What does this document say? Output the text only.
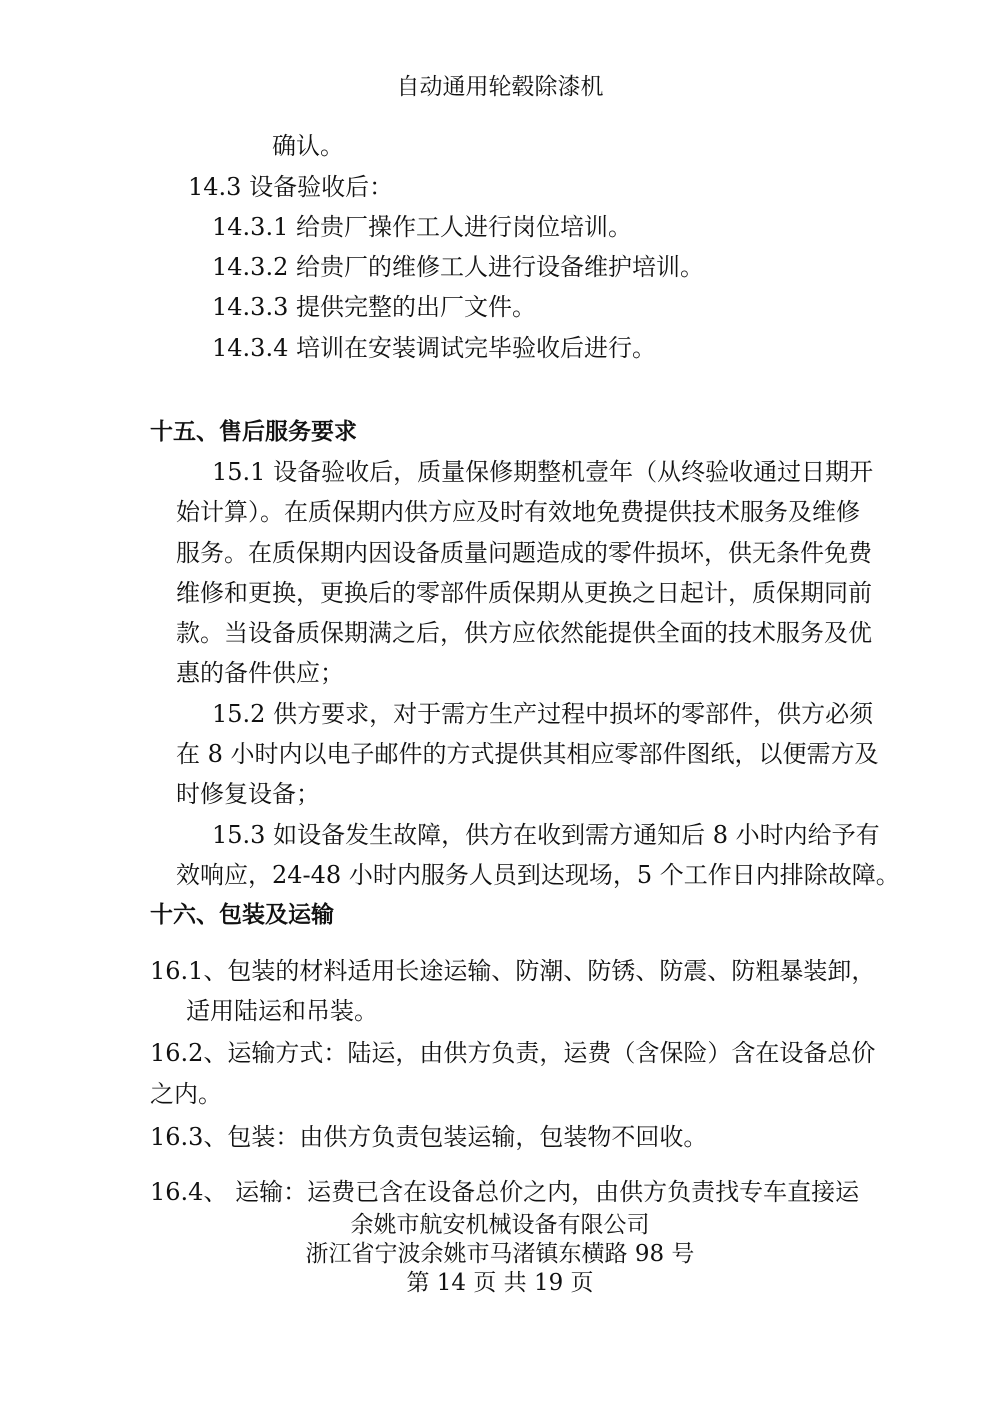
自动通用轮毂除漆机

确认。

14.3 设备验收后：

14.3.1 给贵厂操作工人进行岗位培训。

14.3.2 给贵厂的维修工人进行设备维护培训。

14.3.3 提供完整的出厂文件。

14.3.4 培训在安装调试完毕验收后进行。

十五、售后服务要求

15.1 设备验收后，质量保修期整机壹年（从终验收通过日期开

始计算）。在质保期内供方应及时有效地免费提供技术服务及维修

服务。在质保期内因设备质量问题造成的零件损坏，供无条件免费

维修和更换，更换后的零部件质保期从更换之日起计，质保期同前

款。当设备质保期满之后，供方应依然能提供全面的技术服务及优

惠的备件供应；

15.2 供方要求，对于需方生产过程中损坏的零部件，供方必须

在 8 小时内以电子邮件的方式提供其相应零部件图纸，以便需方及

时修复设备；

15.3 如设备发生故障，供方在收到需方通知后 8 小时内给予有

效响应，24-48 小时内服务人员到达现场，5 个工作日内排除故障。

十六、包装及运输

16.1、包装的材料适用长途运输、防潮、防锈、防震、防粗暴装卸，

适用陆运和吊装。

16.2、运输方式：陆运，由供方负责，运费（含保险）含在设备总价

之内。

16.3、包装：由供方负责包装运输，包装物不回收。

16.4、 运输：运费已含在设备总价之内，由供方负责找专车直接运

余姚市航安机械设备有限公司
浙江省宁波余姚市马渚镇东横路 98 号
第 14 页 共 19 页
